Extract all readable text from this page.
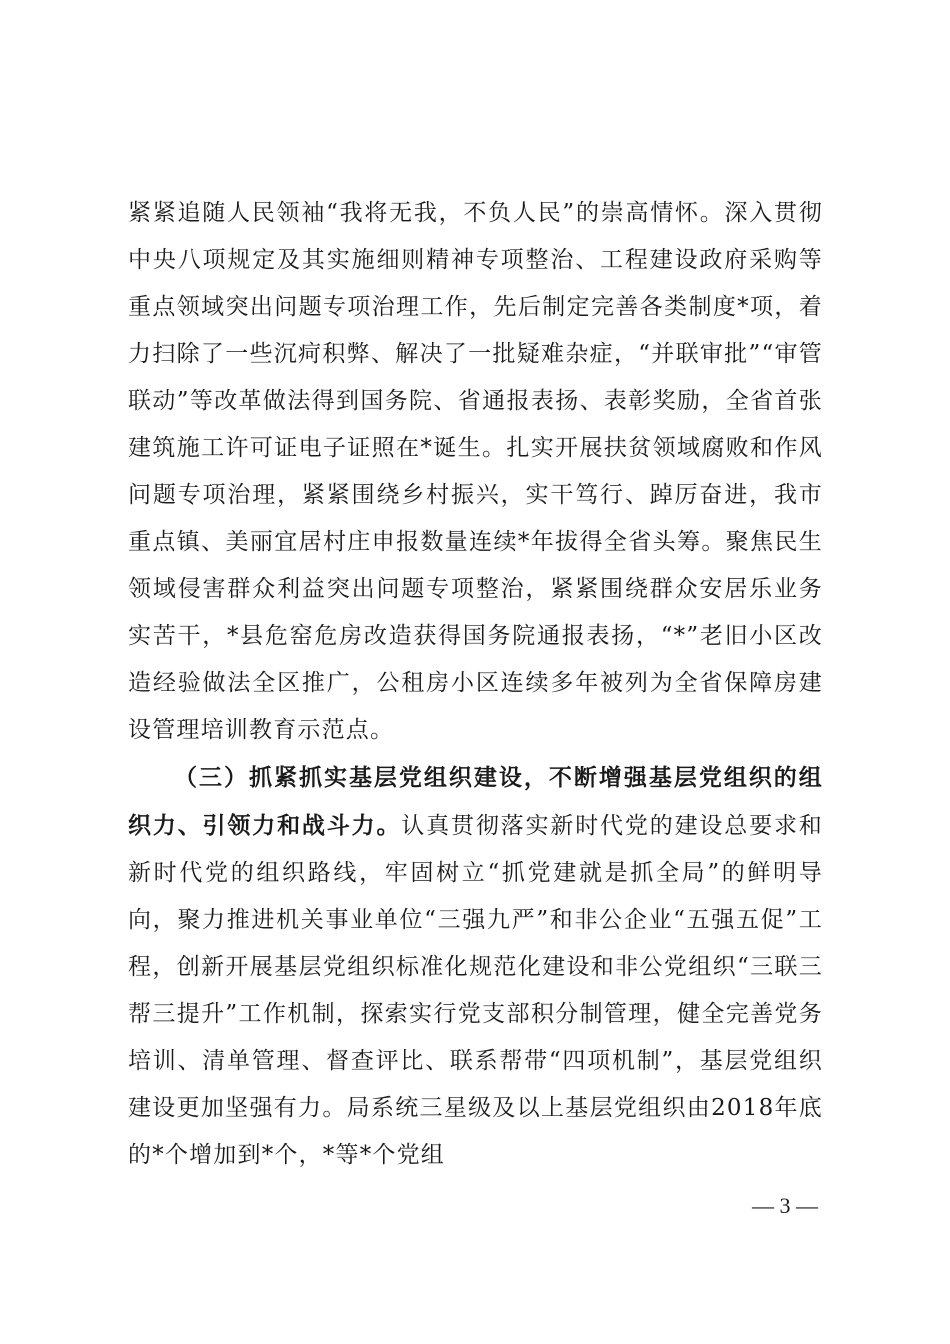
紧紧追随人民领袖“我将无我，不负人民”的崇高情怀。深入贯彻中央八项规定及其实施细则精神专项整治、工程建设政府采购等重点领域突出问题专项治理工作，先后制定完善各类制度*项，着力扫除了一些沉疴积弊、解决了一批疑难杂症，“并联审批”“审管联动”等改革做法得到国务院、省通报表扬、表彰奖励，全省首张建筑施工许可证电子证照在*诞生。扎实开展扶贫领域腐败和作风问题专项治理，紧紧围绕乡村振兴，实干笃行、踔厉奋进，我市重点镇、美丽宜居村庄申报数量连续*年拔得全省头筹。聚焦民生领域侵害群众利益突出问题专项整治，紧紧围绕群众安居乐业务实苦干，*县危窑危房改造获得国务院通报表扬，“*”老旧小区改造经验做法全区推广，公租房小区连续多年被列为全省保障房建设管理培训教育示范点。

（三）抓紧抓实基层党组织建设，不断增强基层党组织的组织力、引领力和战斗力。认真贯彻落实新时代党的建设总要求和新时代党的组织路线，牢固树立“抓党建就是抓全局”的鲜明导向，聚力推进机关事业单位“三强九严”和非公企业“五强五促”工程，创新开展基层党组织标准化规范化建设和非公党组织“三联三帮三提升”工作机制，探索实行党支部积分制管理，健全完善党务培训、清单管理、督查评比、联系帮带“四项机制”，基层党组织建设更加坚强有力。局系统三星级及以上基层党组织由2018年底的*个增加到*个，*等*个党组

— 3 —
